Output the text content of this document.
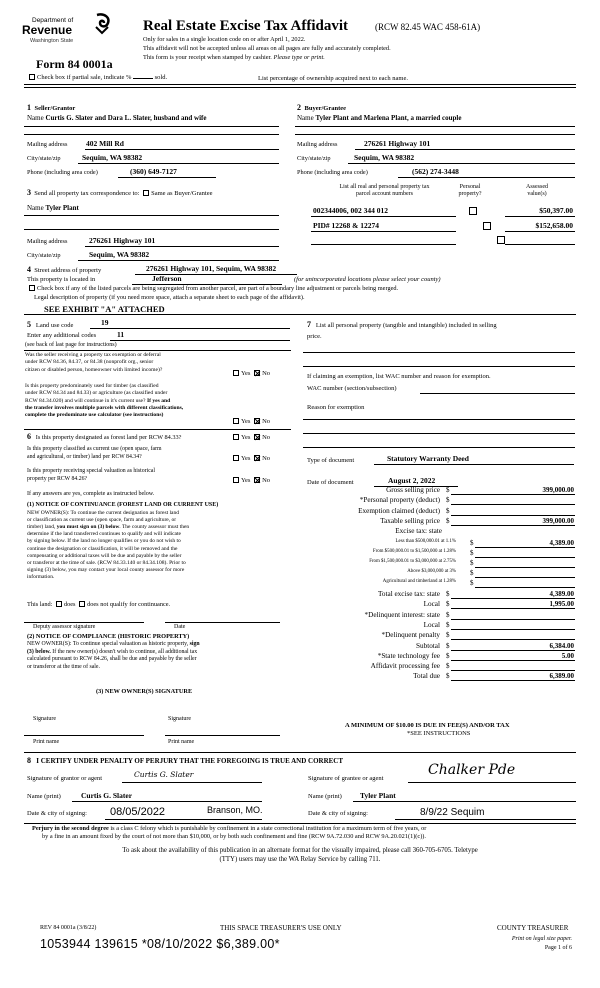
Department of
Revenue
Washington State
Form 84 0001a
Real Estate Excise Tax Affidavit	(RCW 82.45 WAC 458-61A)
Only for sales in a single location code on or after April 1, 2022.
This affidavit will not be accepted unless all areas on all pages are fully and accurately completed.
This form is your receipt when stamped by cashier. Please type or print.
Check box if partial sale, indicate %	sold.	List percentage of ownership acquired next to each name.
1 Seller/Grantor
Name Curtis G. Slater and Dara L. Slater, husband and wife
Mailing address 402 Mill Rd
City/state/zip	Sequim, WA 98382
Phone (including area code)	(360) 649-7127
2 Buyer/Grantee
Name Tyler Plant and Marlena Plant, a married couple
Mailing address	276261 Highway 101
City/state/zip	Sequim, WA 98382
Phone (including area code)	(562) 274-3448
3 Send all property tax correspondence to: Same as Buyer/Grantee
Name Tyler Plant
Mailing address	276261 Highway 101
City/state/zip	Sequim, WA 98382
List all real and personal property tax
parcel account numbers
Personal
property?
Assessed
value(s)
002344006, 002 344 012
	$50,397.00
PID# 12268 & 12274
	$152,658.00
4 Street address of property	276261 Highway 101, Sequim, WA 98382
This property is located in	Jefferson	(for unincorporated locations please select your county)
Check box if any of the listed parcels are being segregated from another parcel, are part of a boundary line adjustment or parcels being merged.
Legal description of property (if you need more space, attach a separate sheet to each page of the affidavit).
SEE EXHIBIT "A" ATTACHED
5 Land use code	19
Enter any additional codes	11
(see back of last page for instructions)
Was the seller receiving a property tax exemption or deferral
under RCW 84.36, 84.37, or 84.38 (nonprofit org., senior
citizen or disabled person, homeowner with limited income)?
Yes No
Is this property predominately used for timber (as classified
under RCW 84.34 and 84.33) or agriculture (as classified under
RCW 84.34.020) and will continue in it's current use? If yes and
the transfer involves multiple parcels with different classifications,
complete the predominate use calculator (see instructions)
Yes No
6 Is this property designated as forest land per RCW 84.33?	Yes No
Is this property classified as current use (open space, farm
and agricultural, or timber) land per RCW 84.34?	Yes No
Is this property receiving special valuation as historical
property per RCW 84.26?	Yes No
If any answers are yes, complete as instructed below.
(1) NOTICE OF CONTINUANCE (FOREST LAND OR CURRENT USE)
NEW OWNER(S): To continue the current designation as forest land
or classification as current use (open space, farm and agriculture, or
timber) land, you must sign on (3) below. The county assessor must then
determine if the land transferred continues to qualify and will indicate
by signing below. If the land no longer qualifies or you do not wish to
continue the designation or classification, it will be removed and the
compensating or additional taxes will be due and payable by the seller
or transferor at the time of sale. (RCW 84.33.140 or 84.34.108). Prior to
signing (3) below, you may contact your local county assessor for more
information.
This land: does does not qualify for continuance.
Deputy assessor signature	Date
(2) NOTICE OF COMPLIANCE (HISTORIC PROPERTY)
NEW OWNER(S): To continue special valuation as historic property, sign
(3) below. If the new owner(s) doesn't wish to continue, all additional tax
calculated pursuant to RCW 84.26, shall be due and payable by the seller
or transferor at the time of sale.
(3) NEW OWNER(S) SIGNATURE
Signature	Signature
Print name	Print name
7 List all personal property (tangible and intangible) included in selling
price.
If claiming an exemption, list WAC number and reason for exemption.
WAC number (section/subsection)
Reason for exemption
Type of document	Statutory Warranty Deed
Date of document	August 2, 2022
Gross selling price $	399,000.00
*Personal property (deduct) $
Exemption claimed (deduct) $
Taxable selling price $	399,000.00
Excise tax: state
Less than $500,000.01 at 1.1% $	4,389.00
From $500,000.01 to $1,500,000 at 1.28% $
From $1,500,000.01 to $3,000,000 at 2.75% $
Above $3,000,000 at 3% $
Agricultural and timberland at 1.28% $
Total excise tax: state $	4,389.00
Local $	1,995.00
*Delinquent interest: state $
Local $
*Delinquent penalty $
Subtotal $	6,384.00
*State technology fee $	5.00
Affidavit processing fee $
Total due $	6,389.00
A MINIMUM OF $10.00 IS DUE IN FEE(S) AND/OR TAX
*SEE INSTRUCTIONS
8 I CERTIFY UNDER PENALTY OF PERJURY THAT THE FOREGOING IS TRUE AND CORRECT
Signature of grantor or agent	Curtis G. Slater	Signature of grantee or agent
Chalker Pde
Name (print)	Curtis G. Slater	Name (print) Tyler Plant
Date & city of signing: 08/05/2022	Branson, MO.	Date & city of signing:	8/9/22 Sequim
Perjury in the second degree is a class C felony which is punishable by confinement in a state correctional institution for a maximum term of five years, or
by a fine in an amount fixed by the court of not more than $10,000, or by both such confinement and fine (RCW 9A.72.030 and RCW 9A.20.021(1)(c)).
To ask about the availability of this publication in an alternate format for the visually impaired, please call 360-705-6705. Teletype
(TTY) users may use the WA Relay Service by calling 711.
REV 84 0001a (3/8/22)	THIS SPACE TREASURER'S USE ONLY	COUNTY TREASURER
Print on legal size paper.
Page 1 of 6
1053944 139615 *08/10/2022 $6,389.00*
